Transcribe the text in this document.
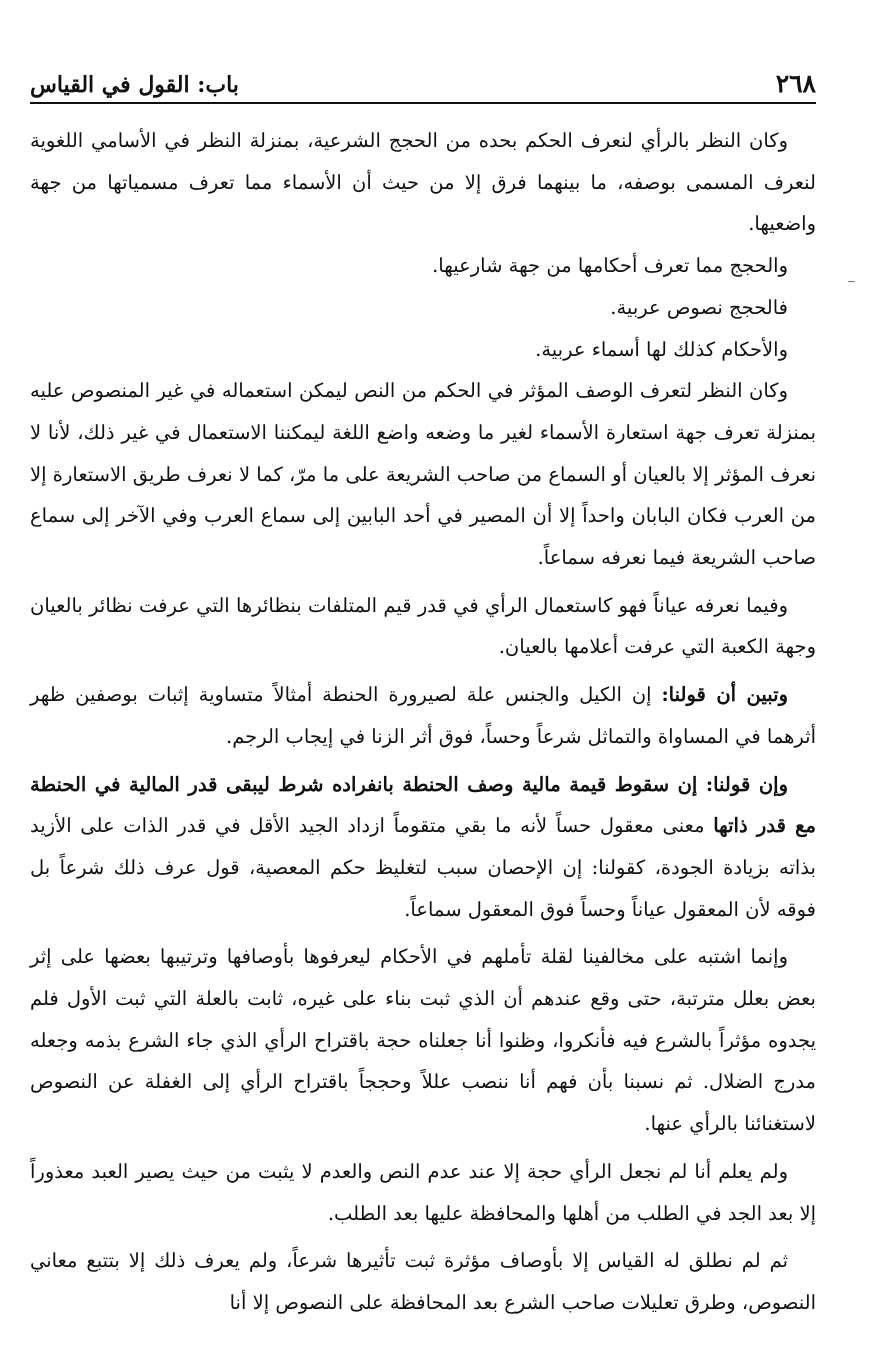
٢٦٨
باب: القول في القياس

وكان النظر بالرأي لنعرف الحكم بحده من الحجج الشرعية، بمنزلة النظر في الأسامي اللغوية لنعرف المسمى بوصفه، ما بينهما فرق إلا من حيث أن الأسماء مما تعرف مسمياتها من جهة واضعيها.

والحجج مما تعرف أحكامها من جهة شارعيها.

فالحجج نصوص عربية.

والأحكام كذلك لها أسماء عربية.

وكان النظر لتعرف الوصف المؤثر في الحكم من النص ليمكن استعماله في غير المنصوص عليه بمنزلة تعرف جهة استعارة الأسماء لغير ما وضعه واضع اللغة ليمكننا الاستعمال في غير ذلك، لأنا لا نعرف المؤثر إلا بالعيان أو السماع من صاحب الشريعة على ما مرّ، كما لا نعرف طريق الاستعارة إلا من العرب فكان البابان واحداً إلا أن المصير في أحد البابين إلى سماع العرب وفي الآخر إلى سماع صاحب الشريعة فيما نعرفه سماعاً.

وفيما نعرفه عياناً فهو كاستعمال الرأي في قدر قيم المتلفات بنظائرها التي عرفت نظائر بالعيان وجهة الكعبة التي عرفت أعلامها بالعيان.

وتبين أن قولنا: إن الكيل والجنس علة لصيرورة الحنطة أمثالاً متساوية إثبات بوصفين ظهر أثرهما في المساواة والتماثل شرعاً وحساً، فوق أثر الزنا في إيجاب الرجم.

وإن قولنا: إن سقوط قيمة مالية وصف الحنطة بانفراده شرط ليبقى قدر المالية في الحنطة مع قدر ذاتها معنى معقول حساً لأنه ما بقي متقوماً ازداد الجيد الأقل في قدر الذات على الأزيد بذاته بزيادة الجودة، كقولنا: إن الإحصان سبب لتغليظ حكم المعصية، قول عرف ذلك شرعاً بل فوقه لأن المعقول عياناً وحساً فوق المعقول سماعاً.

وإنما اشتبه على مخالفينا لقلة تأملهم في الأحكام ليعرفوها بأوصافها وترتيبها بعضها على إثر بعض بعلل مترتبة، حتى وقع عندهم أن الذي ثبت بناء على غيره، ثابت بالعلة التي ثبت الأول فلم يجدوه مؤثراً بالشرع فيه فأنكروا، وظنوا أنا جعلناه حجة باقتراح الرأي الذي جاء الشرع بذمه وجعله مدرج الضلال. ثم نسبنا بأن فهم أنا ننصب عللاً وحججاً باقتراح الرأي إلى الغفلة عن النصوص لاستغنائنا بالرأي عنها.

ولم يعلم أنا لم نجعل الرأي حجة إلا عند عدم النص والعدم لا يثبت من حيث يصير العبد معذوراً إلا بعد الجد في الطلب من أهلها والمحافظة عليها بعد الطلب.

ثم لم نطلق له القياس إلا بأوصاف مؤثرة ثبت تأثيرها شرعاً، ولم يعرف ذلك إلا بتتبع معاني النصوص، وطرق تعليلات صاحب الشرع بعد المحافظة على النصوص إلا أنا
